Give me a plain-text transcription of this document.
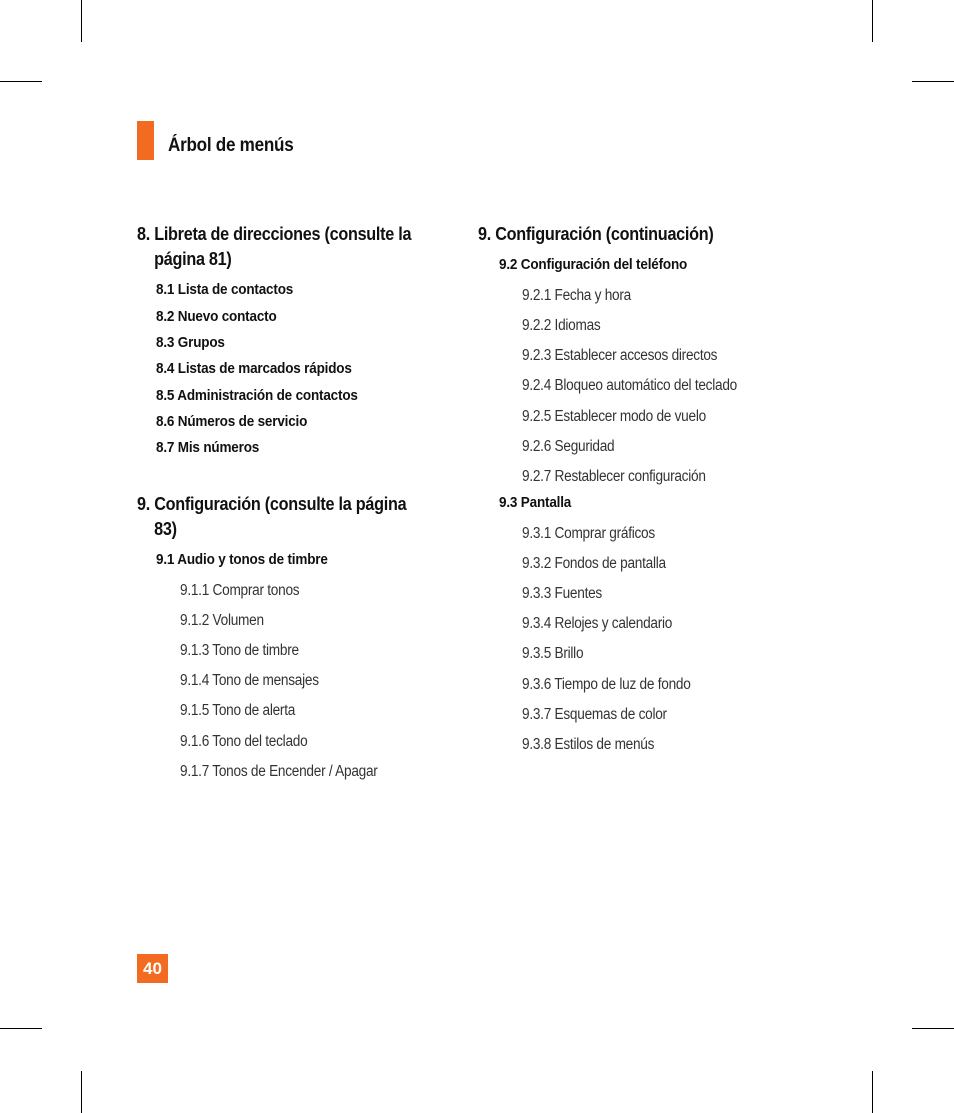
Árbol de menús
8. Libreta de direcciones (consulte la
página 81)
8.1 Lista de contactos
8.2 Nuevo contacto
8.3 Grupos
8.4 Listas de marcados rápidos
8.5 Administración de contactos
8.6 Números de servicio
8.7 Mis números
9. Configuración (consulte la página
83)
9.1 Audio y tonos de timbre
9.1.1 Comprar tonos
9.1.2 Volumen
9.1.3 Tono de timbre
9.1.4 Tono de mensajes
9.1.5 Tono de alerta
9.1.6 Tono del teclado
9.1.7 Tonos de Encender / Apagar
9. Configuración (continuación)
9.2 Configuración del teléfono
9.2.1 Fecha y hora
9.2.2 Idiomas
9.2.3 Establecer accesos directos
9.2.4 Bloqueo automático del teclado
9.2.5 Establecer modo de vuelo
9.2.6 Seguridad
9.2.7 Restablecer configuración
9.3 Pantalla
9.3.1 Comprar gráficos
9.3.2 Fondos de pantalla
9.3.3 Fuentes
9.3.4 Relojes y calendario
9.3.5 Brillo
9.3.6 Tiempo de luz de fondo
9.3.7 Esquemas de color
9.3.8 Estilos de menús
40
